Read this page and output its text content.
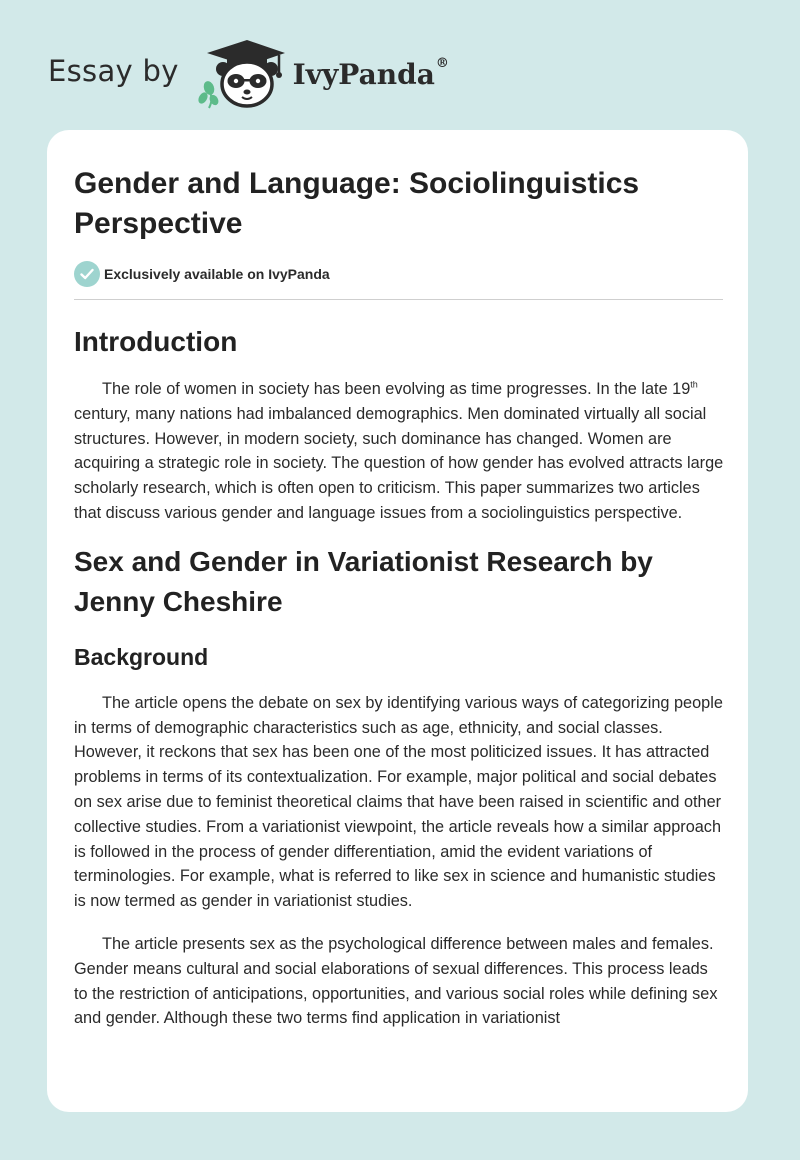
Essay by	IvyPanda®
Gender and Language: Sociolinguistics Perspective
Exclusively available on IvyPanda
Introduction

The role of women in society has been evolving as time progresses. In the late 19th century, many nations had imbalanced demographics. Men dominated virtually all social structures. However, in modern society, such dominance has changed. Women are acquiring a strategic role in society. The question of how gender has evolved attracts large scholarly research, which is often open to criticism. This paper summarizes two articles that discuss various gender and language issues from a sociolinguistics perspective.

Sex and Gender in Variationist Research by Jenny Cheshire
Background

The article opens the debate on sex by identifying various ways of categorizing people in terms of demographic characteristics such as age, ethnicity, and social classes. However, it reckons that sex has been one of the most politicized issues. It has attracted problems in terms of its contextualization. For example, major political and social debates on sex arise due to feminist theoretical claims that have been raised in scientific and other collective studies. From a variationist viewpoint, the article reveals how a similar approach is followed in the process of gender differentiation, amid the evident variations of terminologies. For example, what is referred to like sex in science and humanistic studies is now termed as gender in variationist studies.

The article presents sex as the psychological difference between males and females. Gender means cultural and social elaborations of sexual differences. This process leads to the restriction of anticipations, opportunities, and various social roles while defining sex and gender. Although these two terms find application in variationist
